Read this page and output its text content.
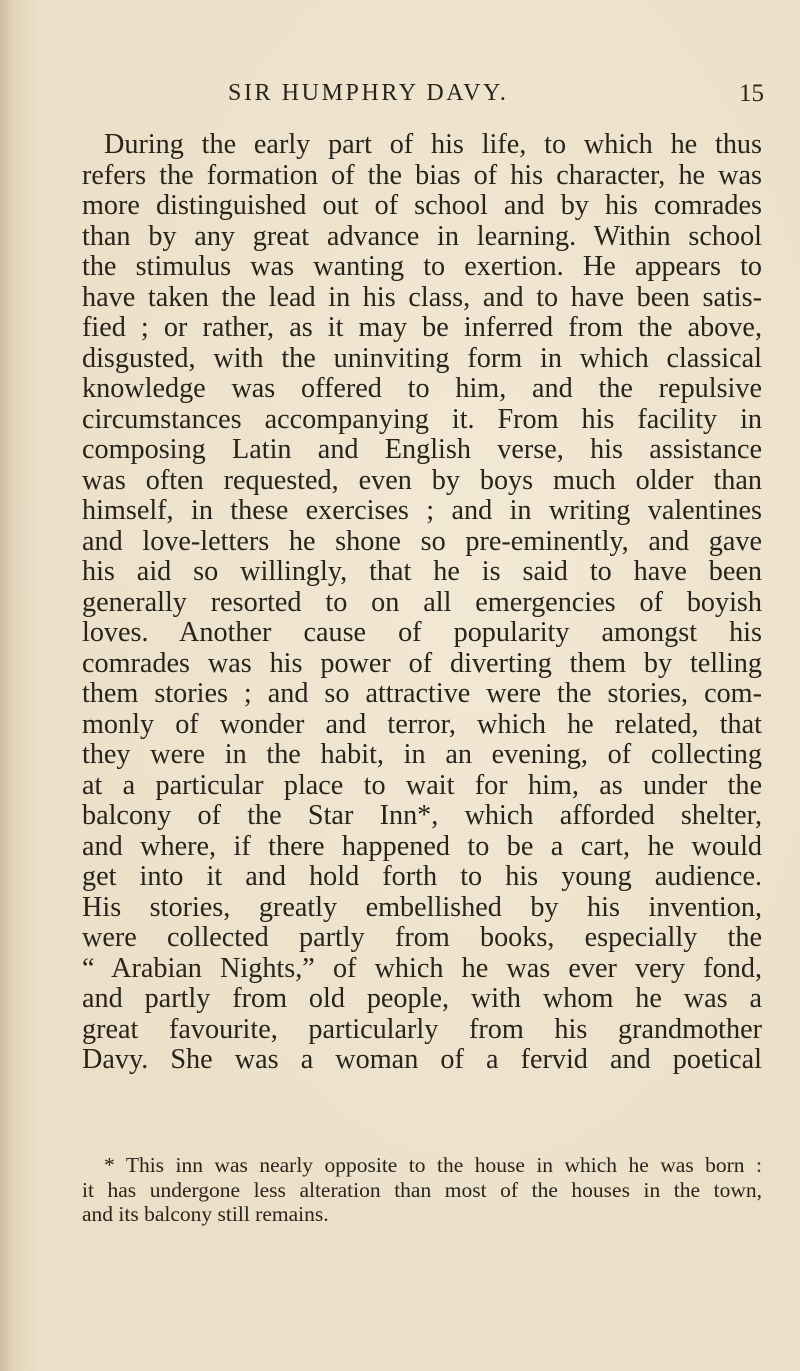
SIR HUMPHRY DAVY.	15
During the early part of his life, to which he thus
refers the formation of the bias of his character, he was
more distinguished out of school and by his comrades
than by any great advance in learning. Within school
the stimulus was wanting to exertion. He appears to
have taken the lead in his class, and to have been satis-
fied ; or rather, as it may be inferred from the above,
disgusted, with the uninviting form in which classical
knowledge was offered to him, and the repulsive
circumstances accompanying it. From his facility in
composing Latin and English verse, his assistance
was often requested, even by boys much older than
himself, in these exercises ; and in writing valentines
and love-letters he shone so pre-eminently, and gave
his aid so willingly, that he is said to have been
generally resorted to on all emergencies of boyish
loves. Another cause of popularity amongst his
comrades was his power of diverting them by telling
them stories ; and so attractive were the stories, com-
monly of wonder and terror, which he related, that
they were in the habit, in an evening, of collecting
at a particular place to wait for him, as under the
balcony of the Star Inn*, which afforded shelter,
and where, if there happened to be a cart, he would
get into it and hold forth to his young audience.
His stories, greatly embellished by his invention,
were collected partly from books, especially the
“ Arabian Nights,” of which he was ever very fond,
and partly from old people, with whom he was a
great favourite, particularly from his grandmother
Davy. She was a woman of a fervid and poetical
* This inn was nearly opposite to the house in which he was born :
it has undergone less alteration than most of the houses in the town,
and its balcony still remains.
